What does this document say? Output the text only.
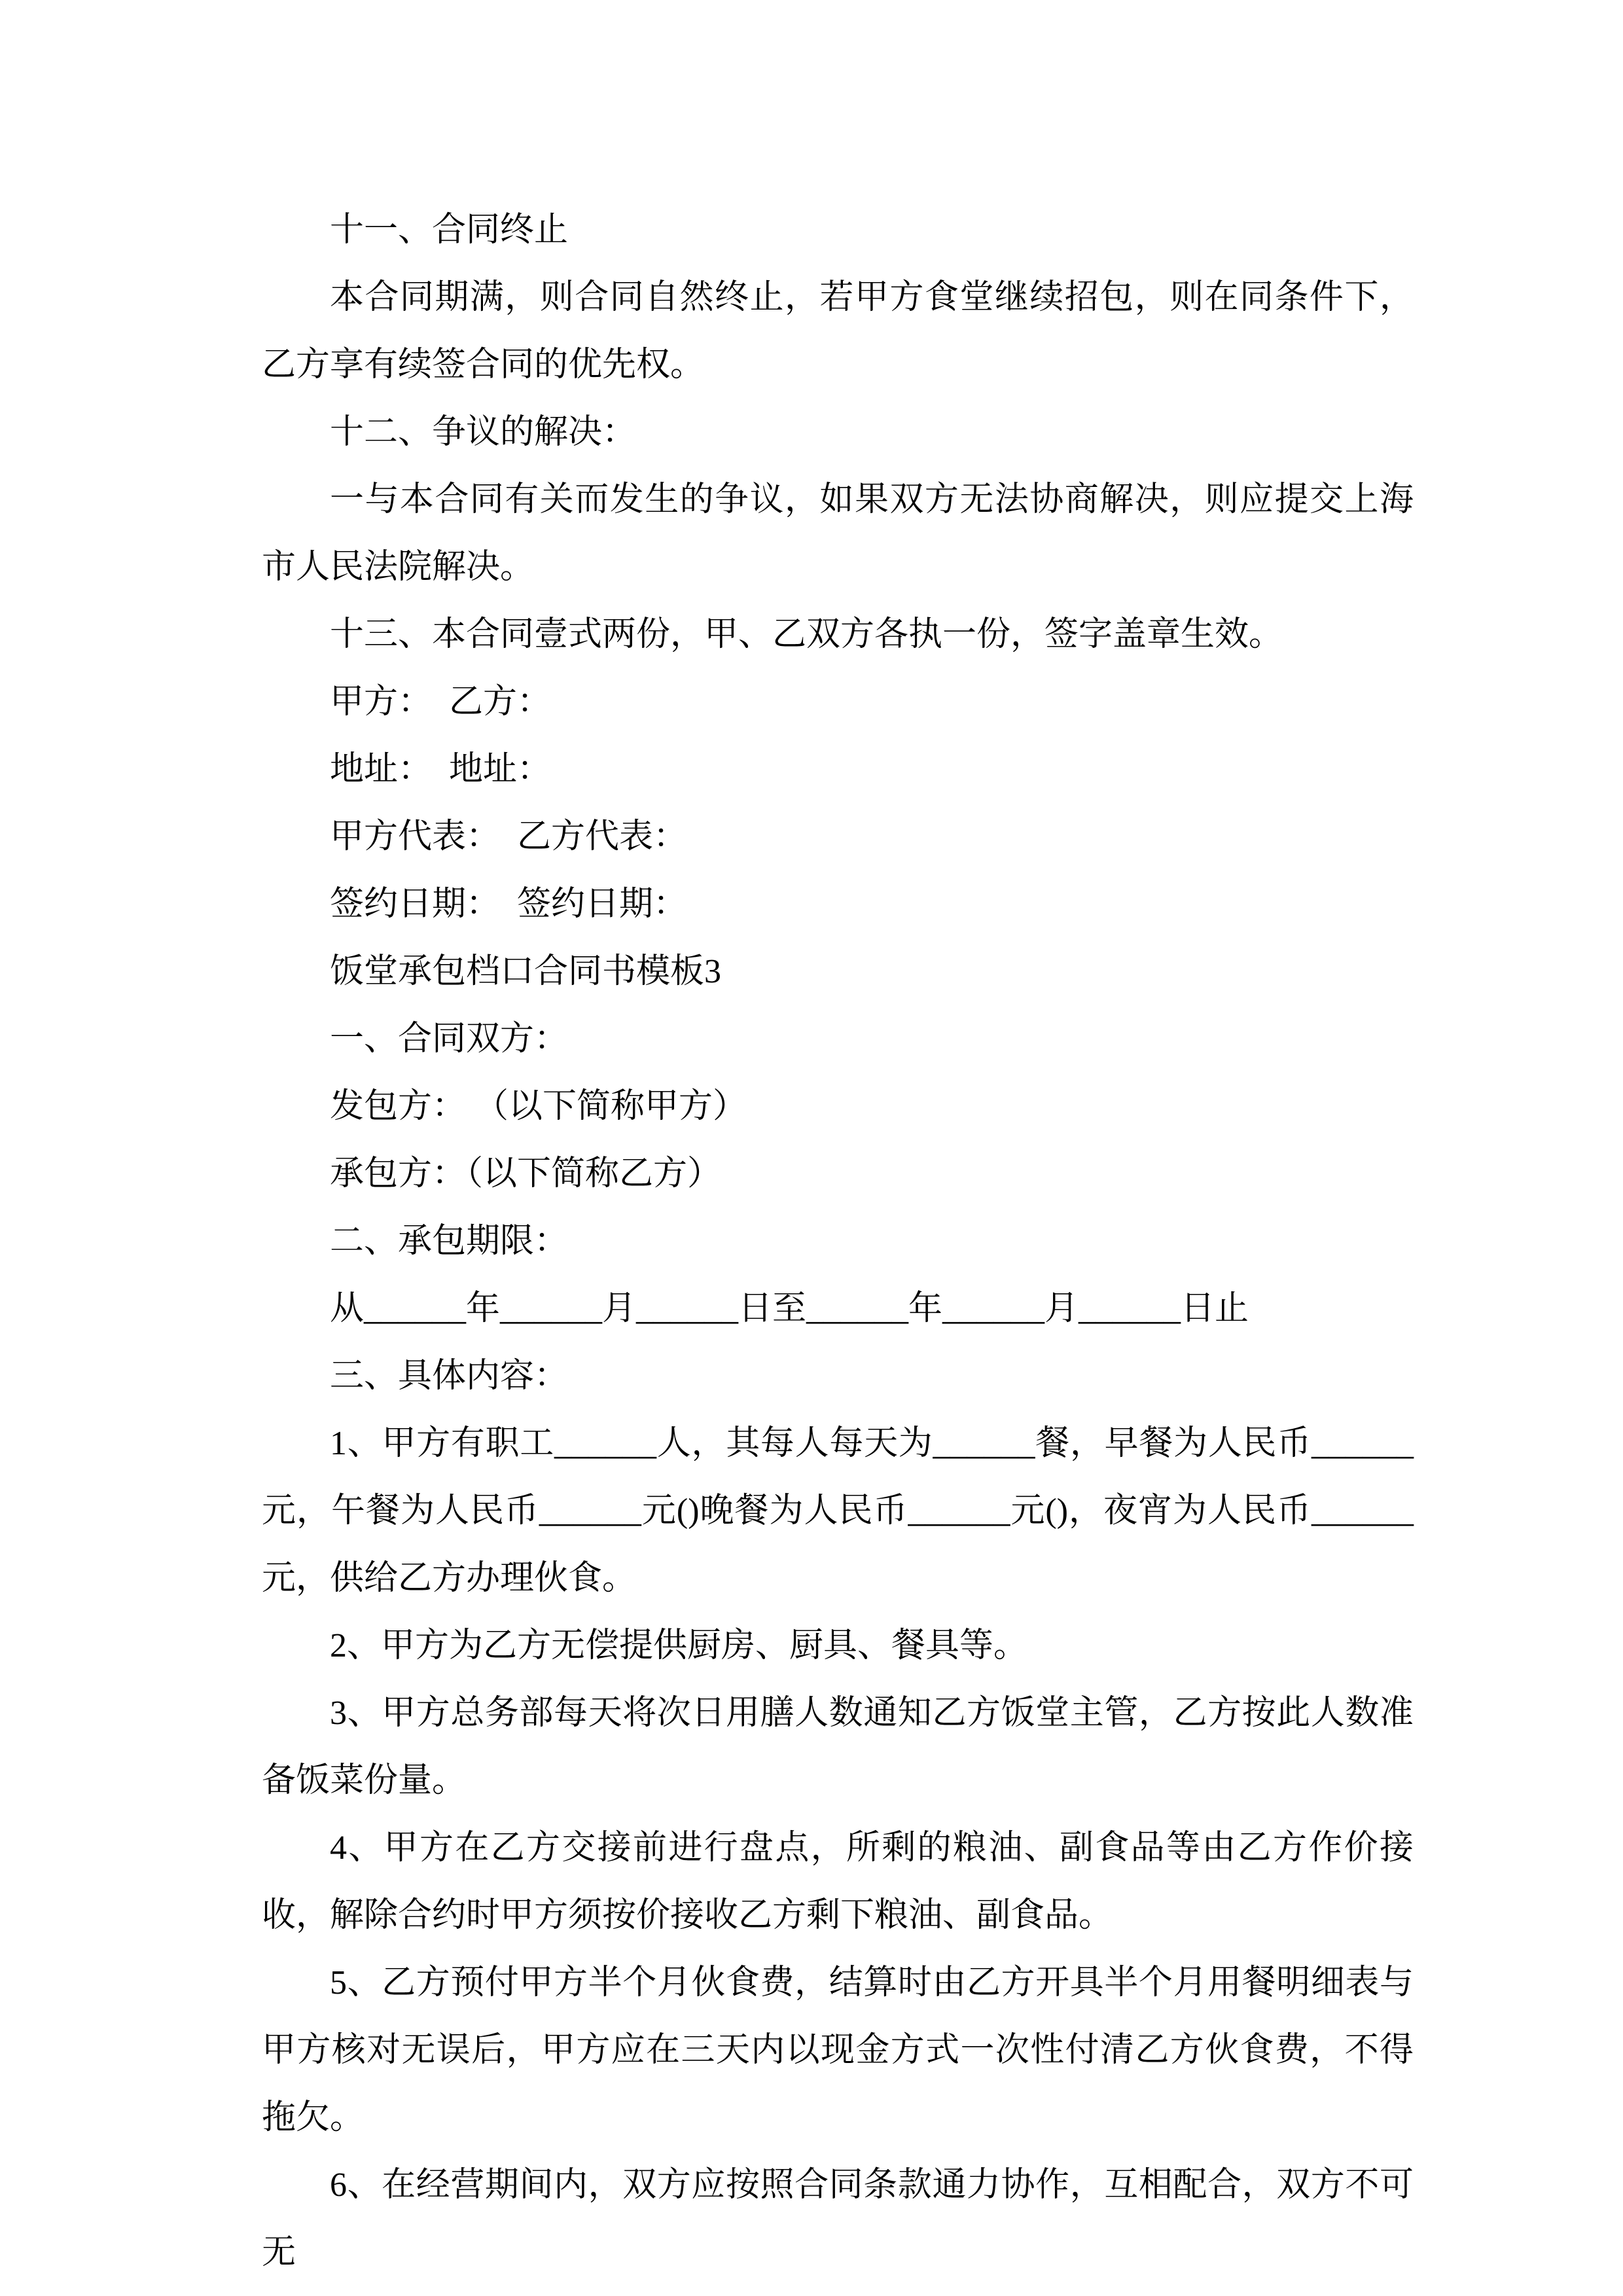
十一、合同终止

本合同期满，则合同自然终止，若甲方食堂继续招包，则在同条件下，乙方享有续签合同的优先权。

十二、争议的解决：

一与本合同有关而发生的争议，如果双方无法协商解决，则应提交上海市人民法院解决。

十三、本合同壹式两份，甲、乙双方各执一份，签字盖章生效。

甲方：  乙方：

地址：  地址：

甲方代表：  乙方代表：

签约日期：  签约日期：

饭堂承包档口合同书模板3

一、合同双方：

发包方： （以下简称甲方）

承包方：（以下简称乙方）

二、承包期限：

从______年______月______日至______年______月______日止

三、具体内容：

1、甲方有职工______人，其每人每天为______餐，早餐为人民币______元，午餐为人民币______元()晚餐为人民币______元()，夜宵为人民币______元，供给乙方办理伙食。

2、甲方为乙方无偿提供厨房、厨具、餐具等。

3、甲方总务部每天将次日用膳人数通知乙方饭堂主管，乙方按此人数准备饭菜份量。

4、甲方在乙方交接前进行盘点，所剩的粮油、副食品等由乙方作价接收，解除合约时甲方须按价接收乙方剩下粮油、副食品。

5、乙方预付甲方半个月伙食费，结算时由乙方开具半个月用餐明细表与甲方核对无误后，甲方应在三天内以现金方式一次性付清乙方伙食费，不得拖欠。

6、在经营期间内，双方应按照合同条款通力协作，互相配合，双方不可无
